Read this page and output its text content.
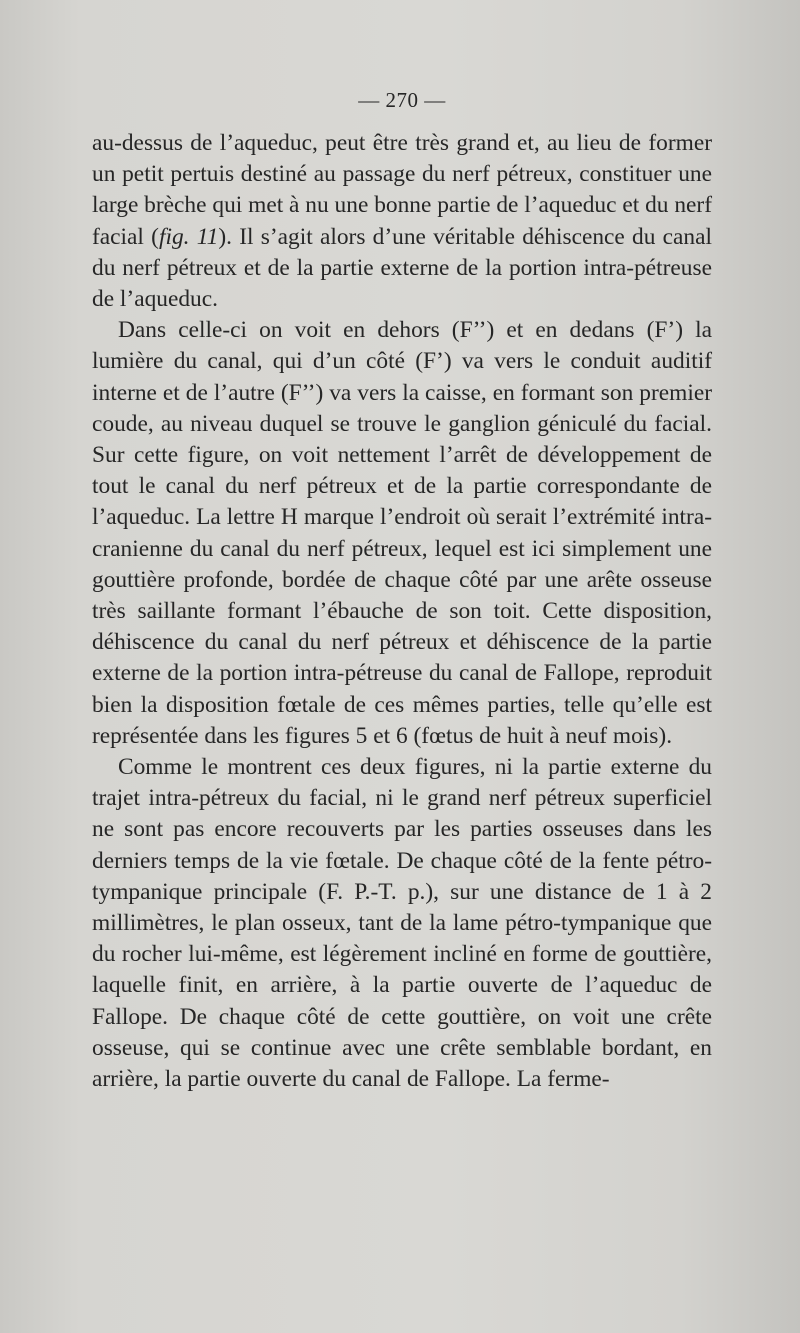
— 270 —

au-dessus de l’aqueduc, peut être très grand et, au lieu de former un petit pertuis destiné au passage du nerf pétreux, constituer une large brèche qui met à nu une bonne partie de l’aqueduc et du nerf facial (fig. 11). Il s’agit alors d’une véritable déhiscence du canal du nerf pétreux et de la partie externe de la portion intra-pétreuse de l’aqueduc.

Dans celle-ci on voit en dehors (F’’) et en dedans (F’) la lumière du canal, qui d’un côté (F’) va vers le conduit auditif interne et de l’autre (F’’) va vers la caisse, en formant son premier coude, au niveau duquel se trouve le ganglion géniculé du facial. Sur cette figure, on voit nettement l’arrêt de développement de tout le canal du nerf pétreux et de la partie correspondante de l’aqueduc. La lettre H marque l’endroit où serait l’extrémité intra-cranienne du canal du nerf pétreux, lequel est ici simplement une gouttière profonde, bordée de chaque côté par une arête osseuse très saillante formant l’ébauche de son toit. Cette disposition, déhiscence du canal du nerf pétreux et déhiscence de la partie externe de la portion intra-pétreuse du canal de Fallope, reproduit bien la disposition fœtale de ces mêmes parties, telle qu’elle est représentée dans les figures 5 et 6 (fœtus de huit à neuf mois).

Comme le montrent ces deux figures, ni la partie externe du trajet intra-pétreux du facial, ni le grand nerf pétreux superficiel ne sont pas encore recouverts par les parties osseuses dans les derniers temps de la vie fœtale. De chaque côté de la fente pétro-tympanique principale (F. P.-T. p.), sur une distance de 1 à 2 millimètres, le plan osseux, tant de la lame pétro-tympanique que du rocher lui-même, est légèrement incliné en forme de gouttière, laquelle finit, en arrière, à la partie ouverte de l’aqueduc de Fallope. De chaque côté de cette gouttière, on voit une crête osseuse, qui se continue avec une crête semblable bordant, en arrière, la partie ouverte du canal de Fallope. La ferme-
